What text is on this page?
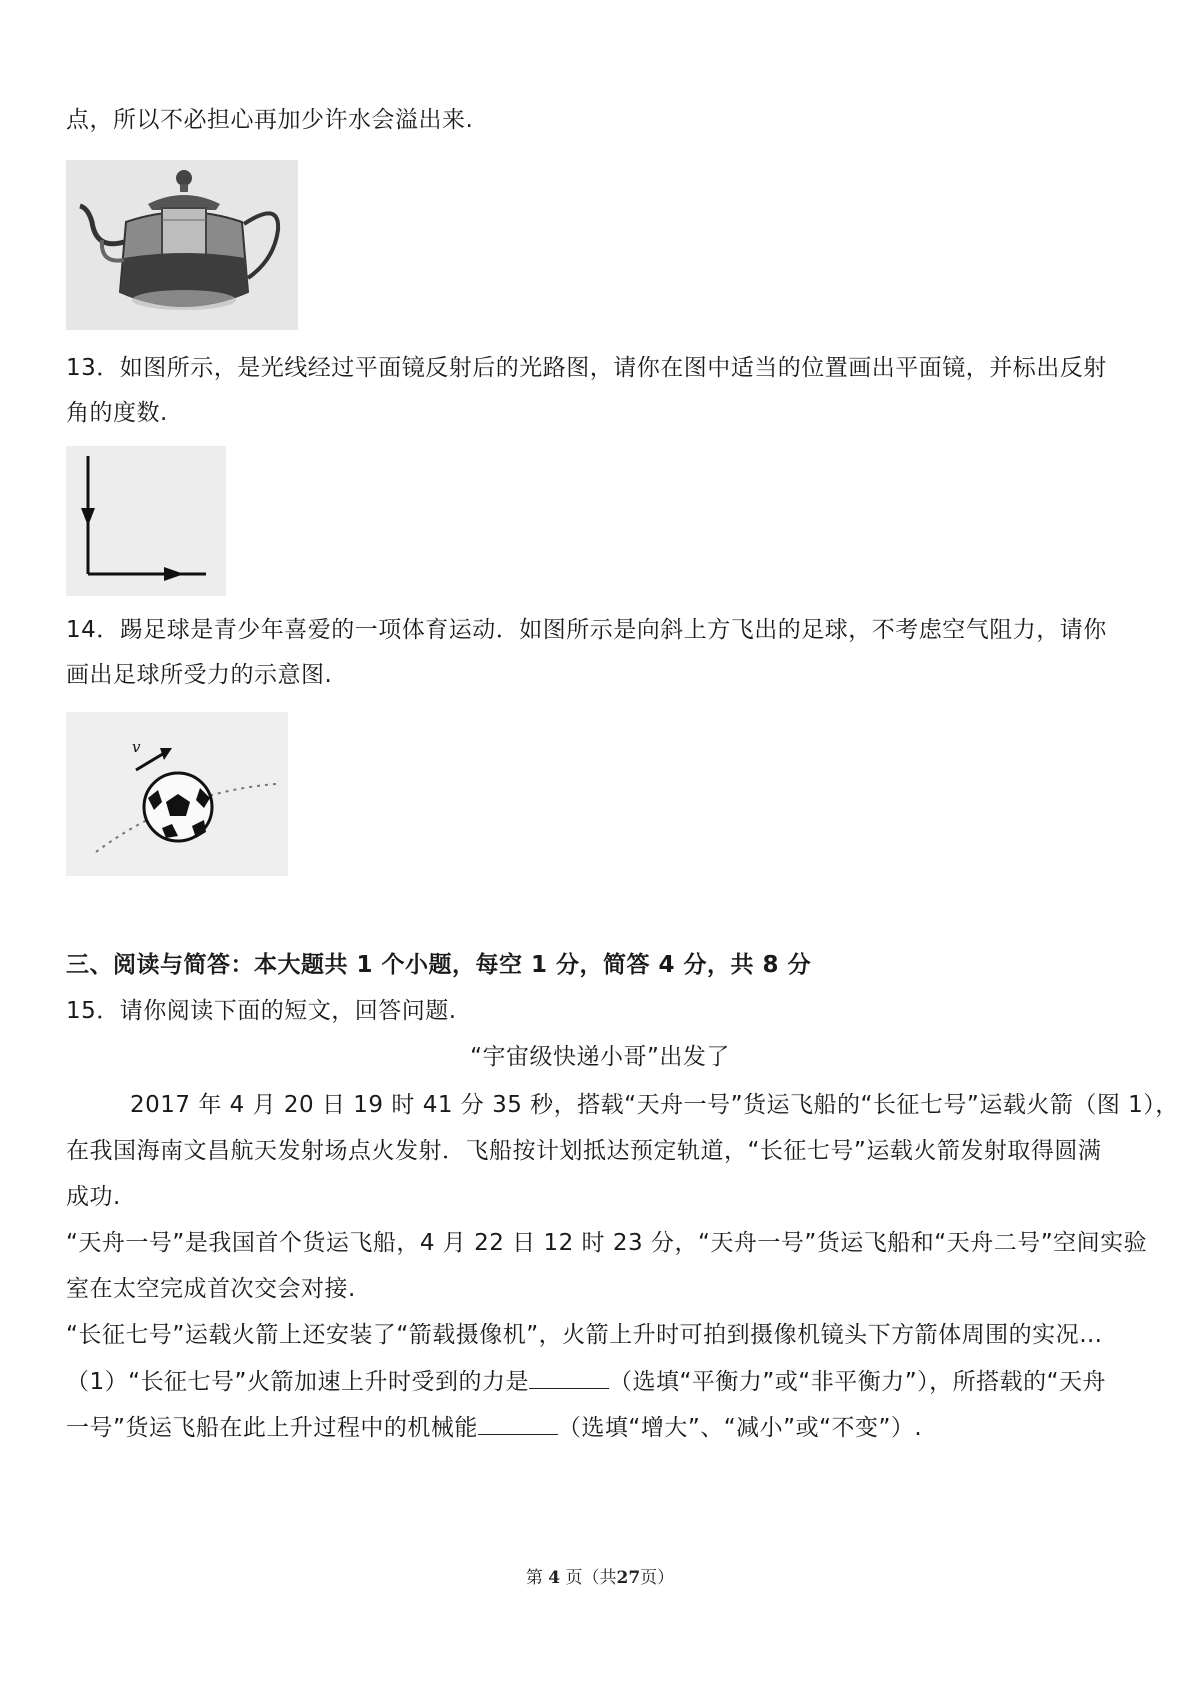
点，所以不必担心再加少许水会溢出来.
13．如图所示，是光线经过平面镜反射后的光路图，请你在图中适当的位置画出平面镜，并标出反射
角的度数.
14．踢足球是青少年喜爱的一项体育运动．如图所示是向斜上方飞出的足球，不考虑空气阻力，请你
画出足球所受力的示意图.
v
三、阅读与简答：本大题共 1 个小题，每空 1 分，简答 4 分，共 8 分
15．请你阅读下面的短文，回答问题.
“宇宙级快递小哥”出发了
2017 年 4 月 20 日 19 时 41 分 35 秒，搭载“天舟一号”货运飞船的“长征七号”运载火箭（图 1），
在我国海南文昌航天发射场点火发射．飞船按计划抵达预定轨道，“长征七号”运载火箭发射取得圆满
成功.
“天舟一号”是我国首个货运飞船，4 月 22 日 12 时 23 分，“天舟一号”货运飞船和“天舟二号”空间实验
室在太空完成首次交会对接.
“长征七号”运载火箭上还安装了“箭载摄像机”，火箭上升时可拍到摄像机镜头下方箭体周围的实况…
（1）“长征七号”火箭加速上升时受到的力是	（选填“平衡力”或“非平衡力”），所搭载的“天舟
一号”货运飞船在此上升过程中的机械能	（选填“增大”、“减小”或“不变”）.
第 4 页（共27页）
